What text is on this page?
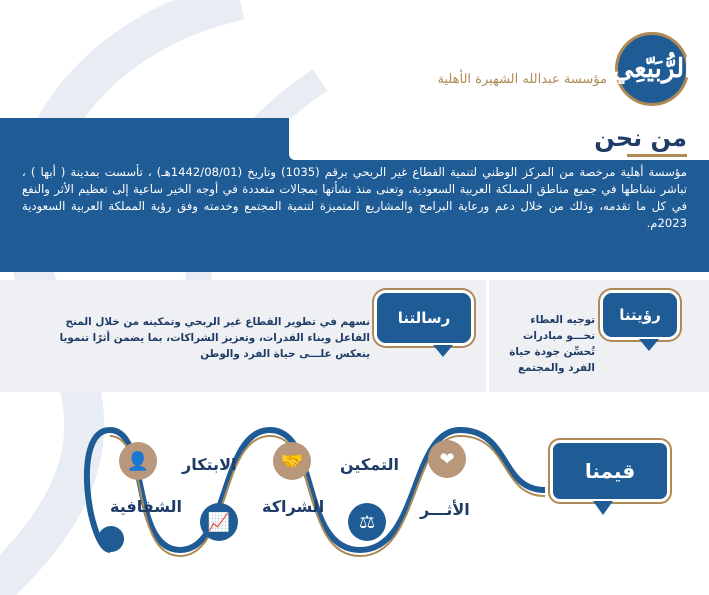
الرُّبَيّعِي
مؤسسة عبدالله الشهيرة الأهلية
من نحن
مؤسسة أهلية مرخصة من المركز الوطني لتنمية القطاع غير الربحي برقم (1035) وتاريخ (1442/08/01هـ) ، تأسست بمدينة ( أبها ) ، تباشر نشاطها في جميع مناطق المملكة العربية السعودية، وتعنى منذ نشأتها بمجالات متعددة في أوجه الخير ساعية إلى تعظيم الأثر والنفع في كل ما تقدمه، وذلك من خلال دعم ورعاية البرامج والمشاريع المتميزة لتنمية المجتمع وخدمته وفق رؤية المملكة العربية السعودية 2023م.
رؤيتنا
توجيه العطاء نحـــو مبادرات تُحسِّن جودة حياة الفرد والمجتمع
رسالتنا
نسهم في تطوير القطاع غير الربحي وتمكينه من خلال المنح الفاعل وبناء القدرات، وتعزيز الشراكات، بما يضمن أثرًا تنمويا ينعكس علـــى حياة الفرد والوطن
قيمنا
❤
الأثـــر
🤝	التمكين
⚖
الشراكة
👤	الابتكار
📈
الشفافية
